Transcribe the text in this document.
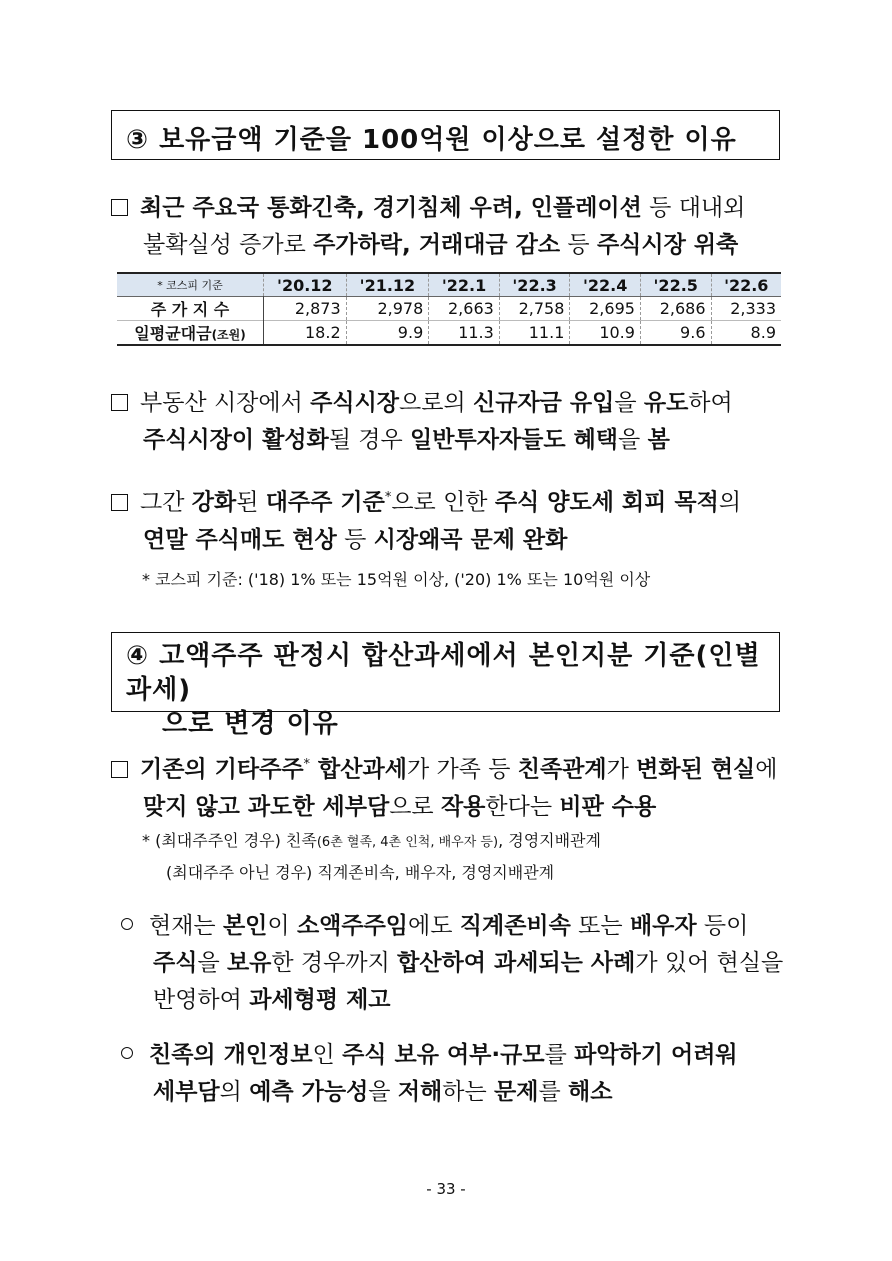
③ 보유금액 기준을 100억원 이상으로 설정한 이유
최근 주요국 통화긴축, 경기침체 우려, 인플레이션 등 대내외
불확실성 증가로 주가하락, 거래대금 감소 등 주식시장 위축
* 코스피 기준	'20.12	'21.12	'22.1	'22.3	'22.4	'22.5	'22.6
주 가 지 수	2,873	2,978	2,663	2,758	2,695	2,686	2,333
일평균대금(조원)	18.2	9.9	11.3	11.1	10.9	9.6	8.9
부동산 시장에서 주식시장으로의 신규자금 유입을 유도하여
주식시장이 활성화될 경우 일반투자자들도 혜택을 봄
그간 강화된 대주주 기준*으로 인한 주식 양도세 회피 목적의
연말 주식매도 현상 등 시장왜곡 문제 완화
* 코스피 기준: ('18) 1% 또는 15억원 이상, ('20) 1% 또는 10억원 이상
④ 고액주주 판정시 합산과세에서 본인지분 기준(인별과세)
으로 변경 이유
기존의 기타주주* 합산과세가 가족 등 친족관계가 변화된 현실에
맞지 않고 과도한 세부담으로 작용한다는 비판 수용
* (최대주주인 경우) 친족(6촌 혈족, 4촌 인척, 배우자 등), 경영지배관계
(최대주주 아닌 경우) 직계존비속, 배우자, 경영지배관계
현재는 본인이 소액주주임에도 직계존비속 또는 배우자 등이
주식을 보유한 경우까지 합산하여 과세되는 사례가 있어 현실을
반영하여 과세형평 제고
친족의 개인정보인 주식 보유 여부·규모를 파악하기 어려워
세부담의 예측 가능성을 저해하는 문제를 해소
- 33 -
